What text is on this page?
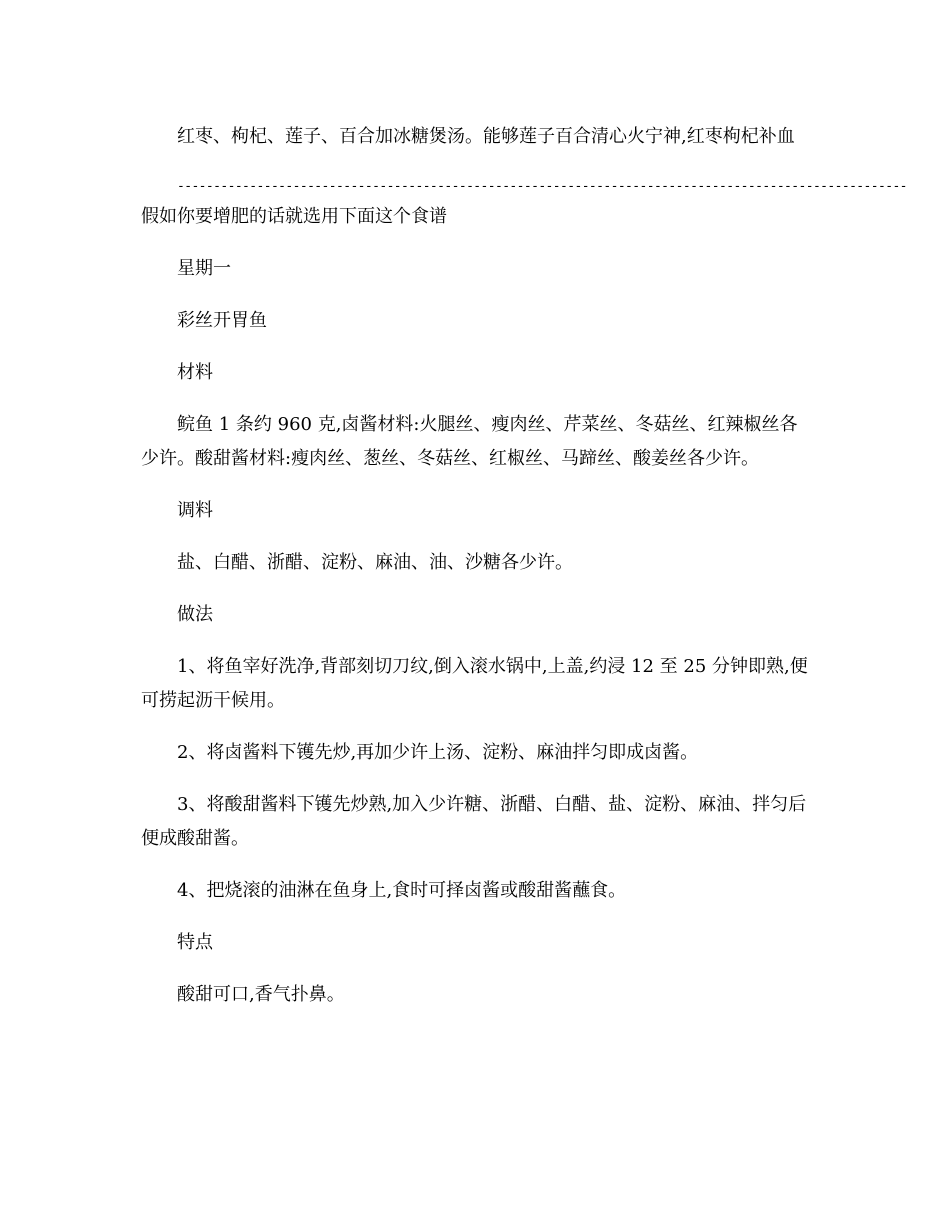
红枣、枸杞、莲子、百合加冰糖煲汤。能够莲子百合清心火宁神,红枣枸杞补血

-----------------------------------------------------------------------------------------------------

假如你要增肥的话就选用下面这个食谱

星期一

彩丝开胃鱼

材料

鲩鱼 1 条约 960 克,卤酱材料:火腿丝、瘦肉丝、芹菜丝、冬菇丝、红辣椒丝各少许。酸甜酱材料:瘦肉丝、葱丝、冬菇丝、红椒丝、马蹄丝、酸姜丝各少许。

调料

盐、白醋、浙醋、淀粉、麻油、油、沙糖各少许。

做法

1、将鱼宰好洗净,背部刻切刀纹,倒入滚水锅中,上盖,约浸 12 至 25 分钟即熟,便可捞起沥干候用。

2、将卤酱料下镬先炒,再加少许上汤、淀粉、麻油拌匀即成卤酱。

3、将酸甜酱料下镬先炒熟,加入少许糖、浙醋、白醋、盐、淀粉、麻油、拌匀后便成酸甜酱。

4、把烧滚的油淋在鱼身上,食时可择卤酱或酸甜酱蘸食。

特点

酸甜可口,香气扑鼻。
